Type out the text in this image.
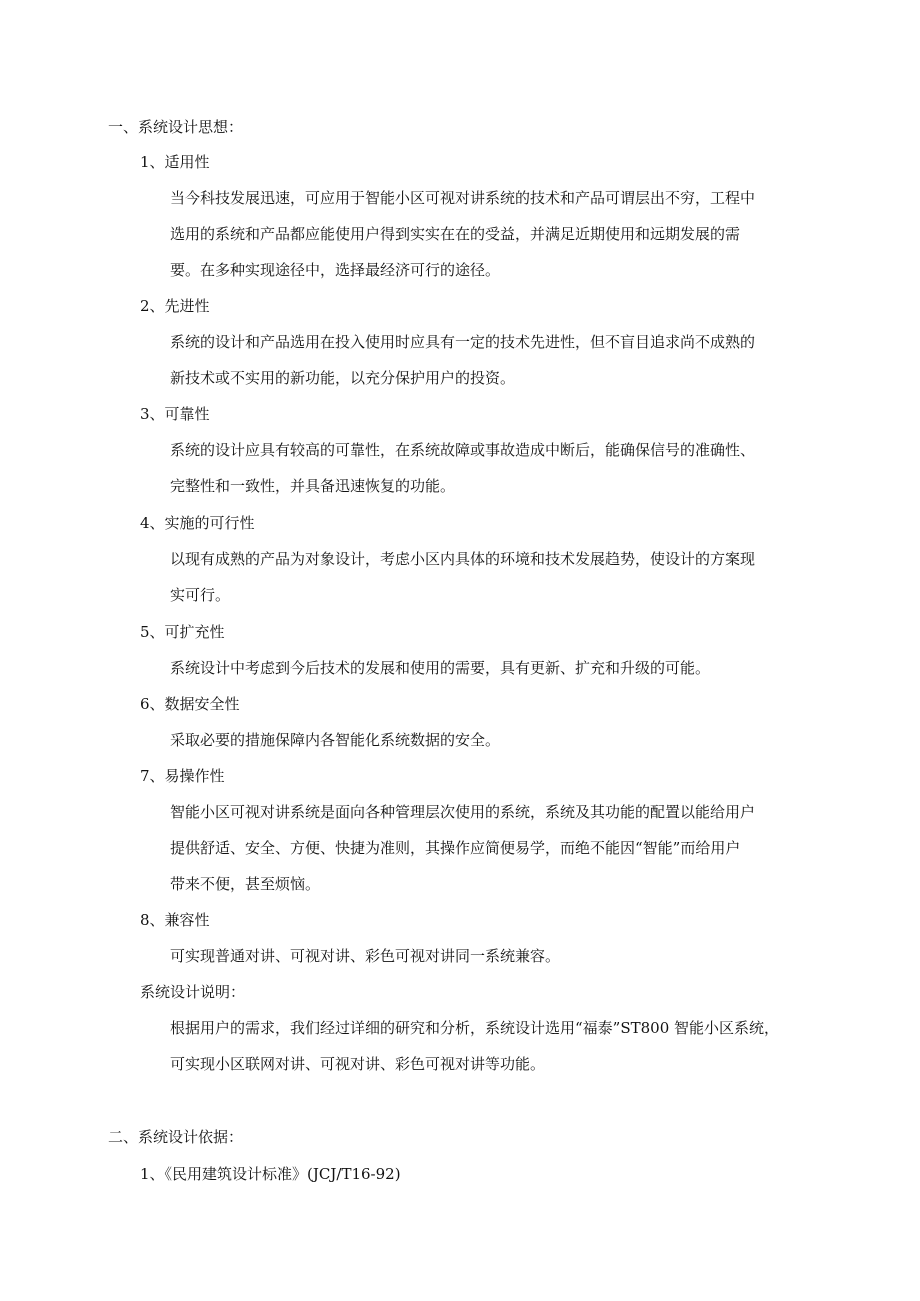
一、系统设计思想：
1、适用性
当今科技发展迅速，可应用于智能小区可视对讲系统的技术和产品可谓层出不穷，工程中
选用的系统和产品都应能使用户得到实实在在的受益，并满足近期使用和远期发展的需
要。在多种实现途径中，选择最经济可行的途径。
2、先进性
系统的设计和产品选用在投入使用时应具有一定的技术先进性，但不盲目追求尚不成熟的
新技术或不实用的新功能，以充分保护用户的投资。
3、可靠性
系统的设计应具有较高的可靠性，在系统故障或事故造成中断后，能确保信号的准确性、
完整性和一致性，并具备迅速恢复的功能。
4、实施的可行性
以现有成熟的产品为对象设计，考虑小区内具体的环境和技术发展趋势，使设计的方案现
实可行。
5、可扩充性
系统设计中考虑到今后技术的发展和使用的需要，具有更新、扩充和升级的可能。
6、数据安全性
采取必要的措施保障内各智能化系统数据的安全。
7、易操作性
智能小区可视对讲系统是面向各种管理层次使用的系统，系统及其功能的配置以能给用户
提供舒适、安全、方便、快捷为准则，其操作应简便易学，而绝不能因“智能”而给用户
带来不便，甚至烦恼。
8、兼容性
可实现普通对讲、可视对讲、彩色可视对讲同一系统兼容。
系统设计说明：
根据用户的需求，我们经过详细的研究和分析，系统设计选用“福泰”ST800 智能小区系统，
可实现小区联网对讲、可视对讲、彩色可视对讲等功能。
二、系统设计依据：
1、《民用建筑设计标准》(JCJ/T16-92)
